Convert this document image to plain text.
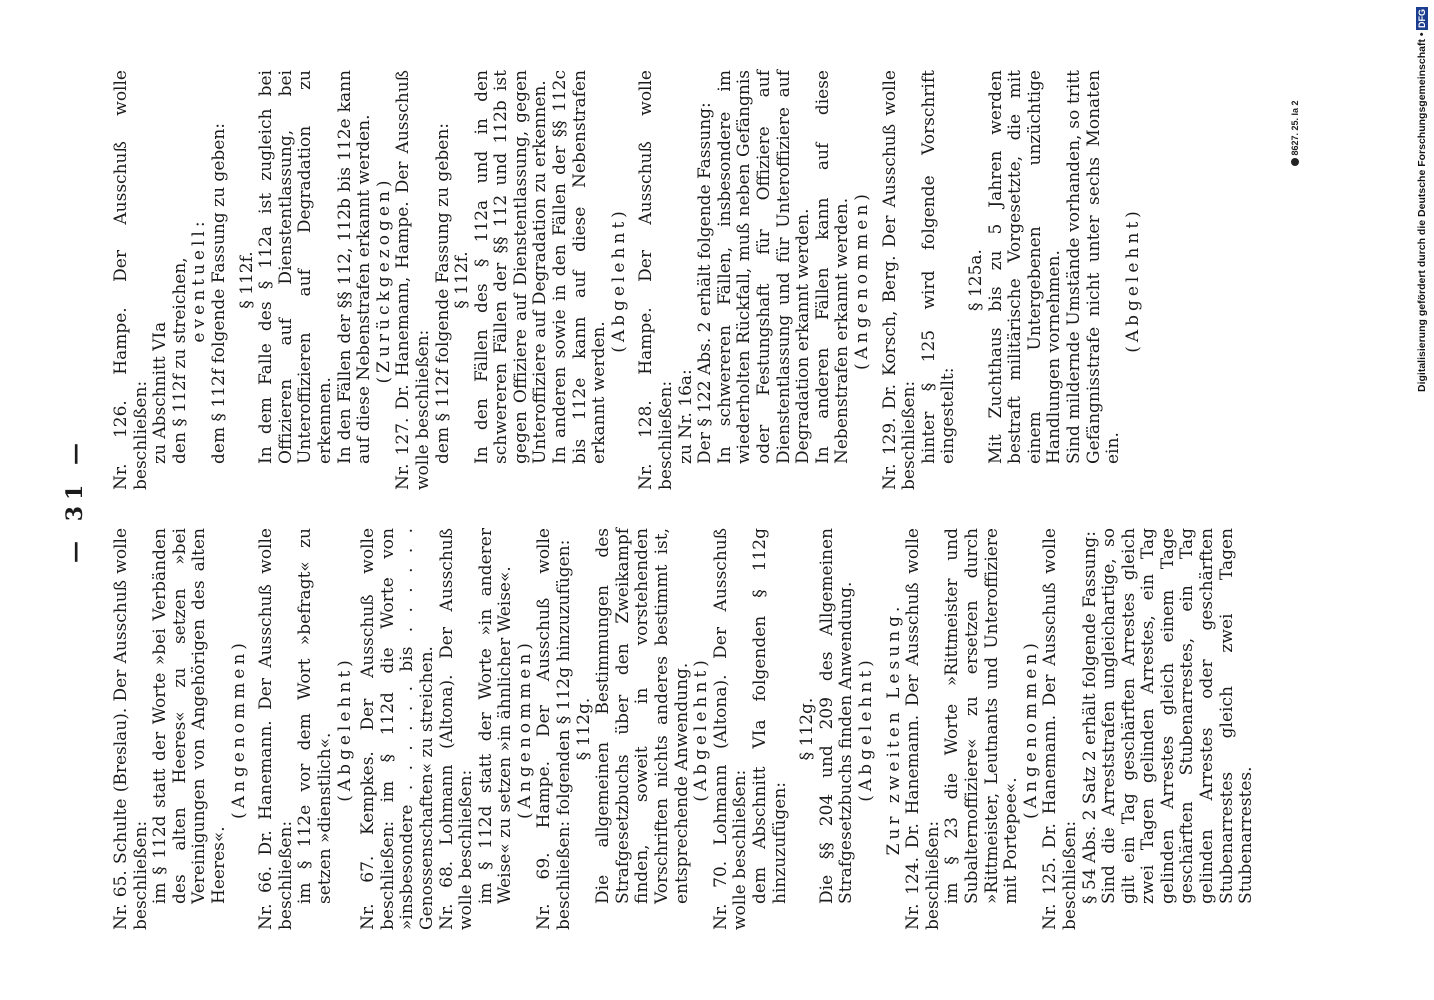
— 31 —

Nr. 65. Schulte (Breslau). Der Ausschuß wolle beschließen: im § 112d statt der Worte »bei Verbänden des alten Heeres« zu setzen »bei Vereinigungen von Angehörigen des alten Heeres«.

(Angenommen) Nr. 66. Dr. Hanemann. Der Ausschuß wolle beschließen: im § 112e vor dem Wort »befragt« zu setzen »dienstlich«.

(Abgelehnt) Nr. 67. Kempkes. Der Ausschuß wolle beschließen: im § 112d die Worte von »insbesondere . . . . . . bis . . . . . . Genossenschaften« zu streichen. Nr. 68. Lohmann (Altona). Der Ausschuß wolle beschließen: im § 112d statt der Worte »in anderer Weise« zu setzen »in ähnlicher Weise«. (Angenommen) Nr. 69. Hampe. Der Ausschuß wolle beschließen: folgenden § 112g hinzuzufügen: § 112g. Die allgemeinen Bestimmungen des Strafgesetzbuchs über den Zweikampf finden, soweit in vorstehenden Vorschriften nichts anderes bestimmt ist, entsprechende Anwendung. (Abgelehnt) Nr. 70. Lohmann (Altona). Der Ausschuß wolle beschließen: dem Abschnitt VIa folgenden § 112g hinzuzufügen:

§ 112g. Die §§ 204 und 209 des Allgemeinen Strafgesetzbuchs finden Anwendung. (Abgelehnt) Zur zweiten Lesung. Nr. 124. Dr. Hanemann. Der Ausschuß wolle beschließen: im § 23 die Worte »Rittmeister und Subalternoffiziere« zu ersetzen durch »Rittmeister, Leutnants und Unteroffiziere mit Portepee«.

(Angenommen) Nr. 125. Dr. Hanemann. Der Ausschuß wolle beschließen: § 54 Abs. 2 Satz 2 erhält folgende Fassung: Sind die Arreststrafen ungleichartige, so gilt ein Tag geschärften Arrestes gleich zwei Tagen gelinden Arrestes, ein Tag gelinden Arrestes gleich einem Tage geschärften Stubenarrestes, ein Tag gelinden Arrestes oder geschärften Stubenarrestes gleich zwei Tagen Stubenarrestes.

Nr. 126. Hampe. Der Ausschuß wolle beschließen: zu Abschnitt VIa den § 112f zu streichen, eventuell: dem § 112f folgende Fassung zu geben: § 112f. In dem Falle des § 112a ist zugleich bei Offizieren auf Dienstentlassung, bei Unteroffizieren auf Degradation zu erkennen. In den Fällen der §§ 112, 112b bis 112e kann auf diese Nebenstrafen erkannt werden. (Zurückgezogen) Nr. 127. Dr. Hanemann, Hampe. Der Ausschuß wolle beschließen: dem § 112f folgende Fassung zu geben: § 112f. In den Fällen des § 112a und in den schwereren Fällen der §§ 112 und 112b ist gegen Offiziere auf Dienstentlassung, gegen Unteroffiziere auf Degradation zu erkennen. In anderen sowie in den Fällen der §§ 112c bis 112e kann auf diese Nebenstrafen erkannt werden.

(Abgelehnt) Nr. 128. Hampe. Der Ausschuß wolle beschließen: zu Nr. 16a: Der § 122 Abs. 2 erhält folgende Fassung: In schwereren Fällen, insbesondere im wiederholten Rückfall, muß neben Gefängnis oder Festungshaft für Offiziere auf Dienstentlassung und für Unteroffiziere auf Degradation erkannt werden. In anderen Fällen kann auf diese Nebenstrafen erkannt werden. (Angenommen) Nr. 129. Dr. Korsch, Berg. Der Ausschuß wolle beschließen: hinter § 125 wird folgende Vorschrift eingestellt:

§ 125a. Mit Zuchthaus bis zu 5 Jahren werden bestraft militärische Vorgesetzte, die mit einem Untergebenen unzüchtige Handlungen vornehmen. Sind mildernde Umstände vorhanden, so tritt Gefängnisstrafe nicht unter sechs Monaten ein.

(Abgelehnt)	Digitalisierung gefördert durch die Deutsche Forschungsgemeinschaft • DFG
8627. 25. Ia 2
